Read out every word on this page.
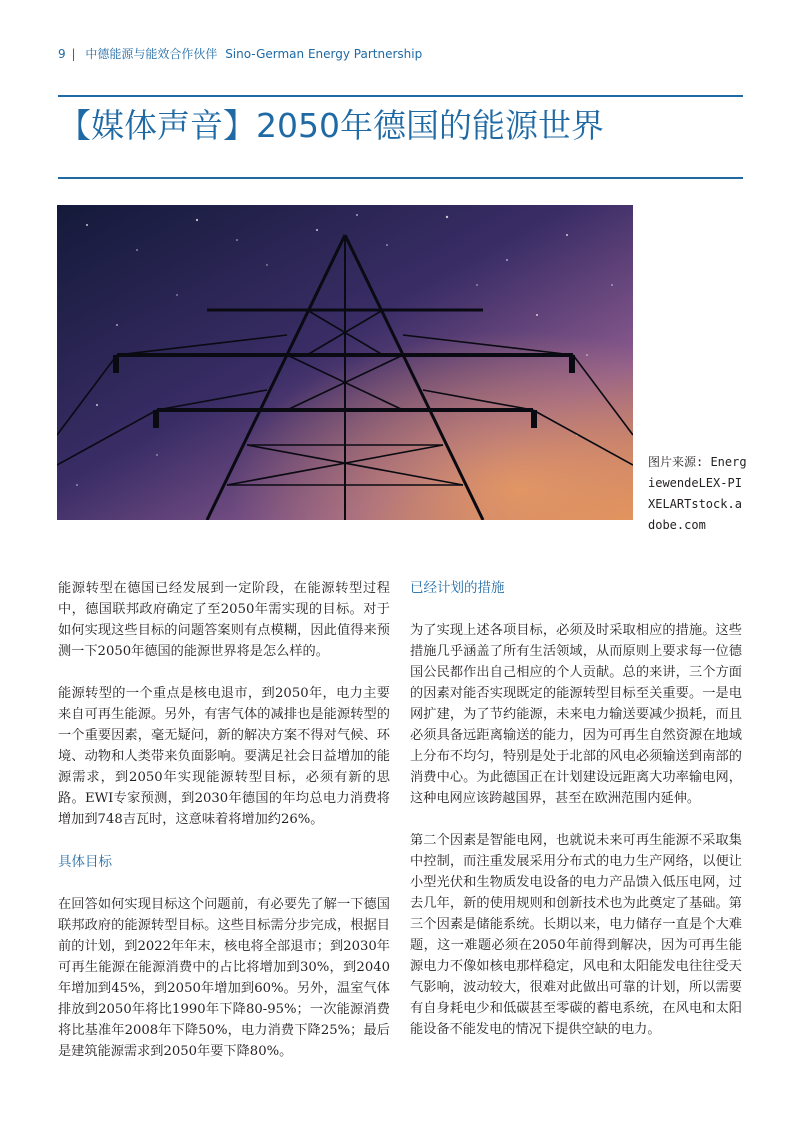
9 | 中德能源与能效合作伙伴 Sino-German Energy Partnership
【媒体声音】2050年德国的能源世界
图片来源: EnergiewendeLEX-PIXELARTstock.adobe.com

能源转型在德国已经发展到一定阶段，在能源转型过程中，德国联邦政府确定了至2050年需实现的目标。对于如何实现这些目标的问题答案则有点模糊，因此值得来预测一下2050年德国的能源世界将是怎么样的。

能源转型的一个重点是核电退市，到2050年，电力主要来自可再生能源。另外，有害气体的减排也是能源转型的一个重要因素，毫无疑问，新的解决方案不得对气候、环境、动物和人类带来负面影响。要满足社会日益增加的能源需求，到2050年实现能源转型目标，必须有新的思路。EWI专家预测，到2030年德国的年均总电力消费将增加到748吉瓦时，这意味着将增加约26%。

具体目标

在回答如何实现目标这个问题前，有必要先了解一下德国联邦政府的能源转型目标。这些目标需分步完成，根据目前的计划，到2022年年末，核电将全部退市；到2030年可再生能源在能源消费中的占比将增加到30%，到2040年增加到45%，到2050年增加到60%。另外，温室气体排放到2050年将比1990年下降80-95%；一次能源消费将比基准年2008年下降50%，电力消费下降25%；最后是建筑能源需求到2050年要下降80%。

已经计划的措施

为了实现上述各项目标，必须及时采取相应的措施。这些措施几乎涵盖了所有生活领域，从而原则上要求每一位德国公民都作出自己相应的个人贡献。总的来讲，三个方面的因素对能否实现既定的能源转型目标至关重要。一是电网扩建，为了节约能源，未来电力输送要减少损耗，而且必须具备远距离输送的能力，因为可再生自然资源在地域上分布不均匀，特别是处于北部的风电必须输送到南部的消费中心。为此德国正在计划建设远距离大功率输电网，这种电网应该跨越国界，甚至在欧洲范围内延伸。

第二个因素是智能电网，也就说未来可再生能源不采取集中控制，而注重发展采用分布式的电力生产网络，以便让小型光伏和生物质发电设备的电力产品馈入低压电网，过去几年，新的使用规则和创新技术也为此奠定了基础。第三个因素是储能系统。长期以来，电力储存一直是个大难题，这一难题必须在2050年前得到解决，因为可再生能源电力不像如核电那样稳定，风电和太阳能发电往往受天气影响，波动较大，很难对此做出可靠的计划，所以需要有自身耗电少和低碳甚至零碳的蓄电系统，在风电和太阳能设备不能发电的情况下提供空缺的电力。
